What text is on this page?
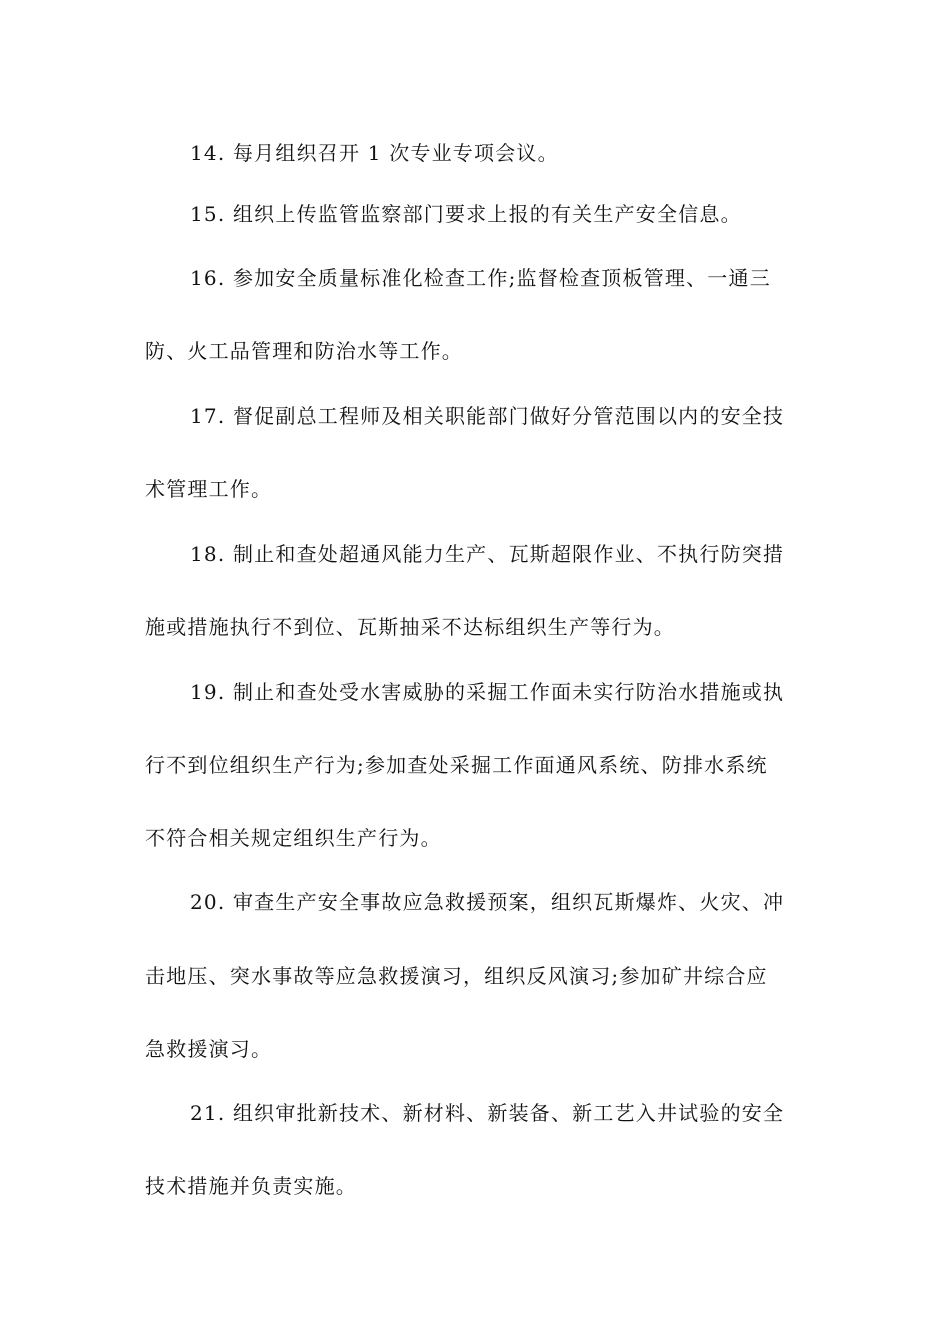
14. 每月组织召开 1 次专业专项会议。
15. 组织上传监管监察部门要求上报的有关生产安全信息。
16. 参加安全质量标准化检查工作;监督检查顶板管理、一通三
防、火工品管理和防治水等工作。
17. 督促副总工程师及相关职能部门做好分管范围以内的安全技
术管理工作。
18. 制止和查处超通风能力生产、瓦斯超限作业、不执行防突措
施或措施执行不到位、瓦斯抽采不达标组织生产等行为。
19. 制止和查处受水害威胁的采掘工作面未实行防治水措施或执
行不到位组织生产行为;参加查处采掘工作面通风系统、防排水系统
不符合相关规定组织生产行为。
20. 审查生产安全事故应急救援预案，组织瓦斯爆炸、火灾、冲
击地压、突水事故等应急救援演习，组织反风演习;参加矿井综合应
急救援演习。
21. 组织审批新技术、新材料、新装备、新工艺入井试验的安全
技术措施并负责实施。
